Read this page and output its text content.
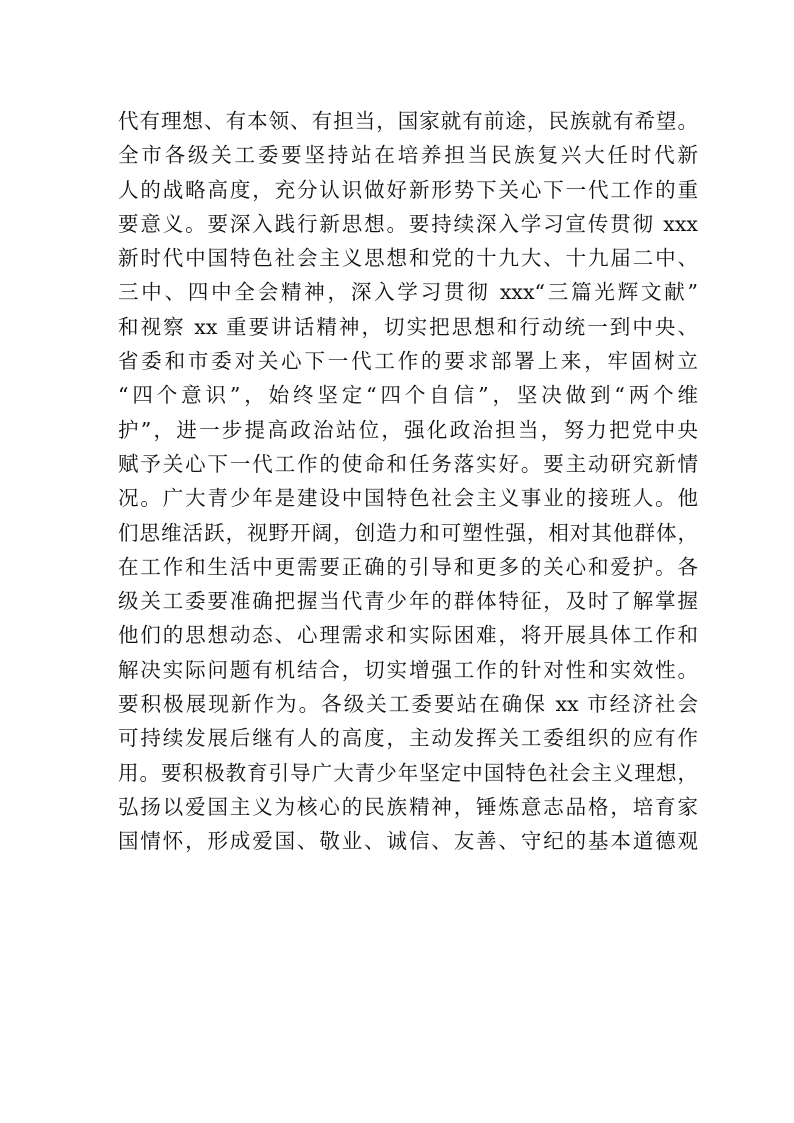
代有理想、有本领、有担当，国家就有前途，民族就有希望。
全市各级关工委要坚持站在培养担当民族复兴大任时代新
人的战略高度，充分认识做好新形势下关心下一代工作的重
要意义。要深入践行新思想。要持续深入学习宣传贯彻 xxx
新时代中国特色社会主义思想和党的十九大、十九届二中、
三中、四中全会精神，深入学习贯彻 xxx“三篇光辉文献”
和视察 xx 重要讲话精神，切实把思想和行动统一到中央、
省委和市委对关心下一代工作的要求部署上来，牢固树立
“四个意识”，始终坚定“四个自信”，坚决做到“两个维
护”，进一步提高政治站位，强化政治担当，努力把党中央
赋予关心下一代工作的使命和任务落实好。要主动研究新情
况。广大青少年是建设中国特色社会主义事业的接班人。他
们思维活跃，视野开阔，创造力和可塑性强，相对其他群体，
在工作和生活中更需要正确的引导和更多的关心和爱护。各
级关工委要准确把握当代青少年的群体特征，及时了解掌握
他们的思想动态、心理需求和实际困难，将开展具体工作和
解决实际问题有机结合，切实增强工作的针对性和实效性。
要积极展现新作为。各级关工委要站在确保 xx 市经济社会
可持续发展后继有人的高度，主动发挥关工委组织的应有作
用。要积极教育引导广大青少年坚定中国特色社会主义理想，
弘扬以爱国主义为核心的民族精神，锤炼意志品格，培育家
国情怀，形成爱国、敬业、诚信、友善、守纪的基本道德观
